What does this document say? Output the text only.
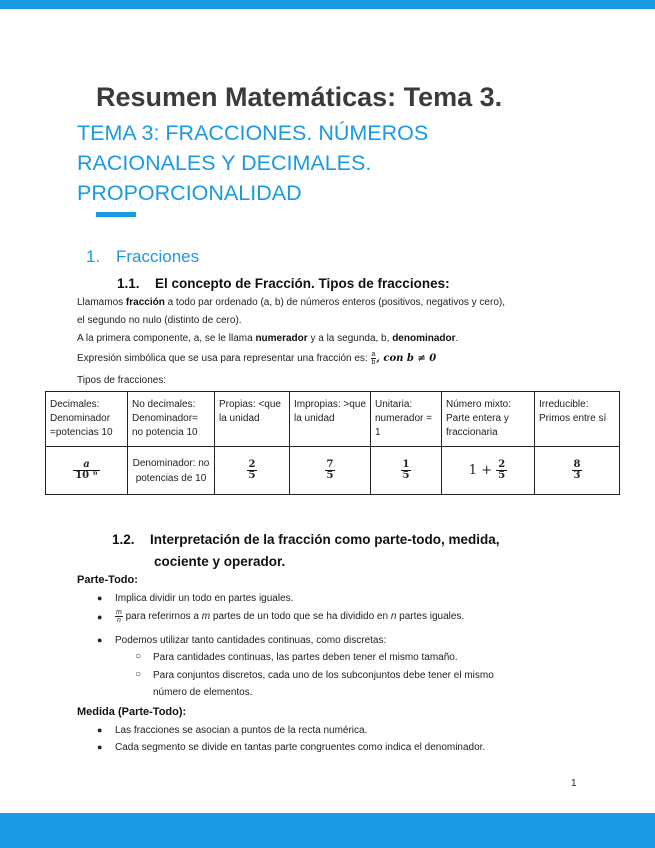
Resumen Matemáticas: Tema 3.
TEMA 3: FRACCIONES. NÚMEROS
RACIONALES Y DECIMALES.
PROPORCIONALIDAD
1. Fracciones
1.1. El concepto de Fracción. Tipos de fracciones:
Llamamos fracción a todo par ordenado (a, b) de números enteros (positivos, negativos y cero),
el segundo no nulo (distinto de cero).
A la primera componente, a, se le llama numerador y a la segunda, b, denominador.
Expresión simbólica que se usa para representar una fracción es: $\frac{a}{b}$ , con b ≠ 0
Tipos de fracciones:
Decimales: Denominador =potencias 10	No decimales: Denominador= no potencia 10	Propias: <que la unidad	Impropias: >que la unidad	Unitaria: numerador = 1	Número mixto: Parte entera y fraccionaria	Irreducible: Primos entre sí

$\frac{a}{\text{10 ⁿ}}$	Denominador: no potencias de 10	$\frac{2}{5}$	$\frac{7}{5}$	$\frac{1}{5}$	$1 + \frac{2}{5}$	$\frac{8}{3}$
1.2. Interpretación de la fracción como parte-todo, medida,
cociente y operador.
Parte-Todo:
● Implica dividir un todo en partes iguales.
● $\frac{m}{n}$ para referirnos a m partes de un todo que se ha dividido en n partes iguales.
● Podemos utilizar tanto cantidades continuas, como discretas:
○ Para cantidades continuas, las partes deben tener el mismo tamaño.
○ Para conjuntos discretos, cada uno de los subconjuntos debe tener el mismo
número de elementos.
Medida (Parte-Todo):
● Las fracciones se asocian a puntos de la recta numérica.
● Cada segmento se divide en tantas parte congruentes como indica el denominador.
1
